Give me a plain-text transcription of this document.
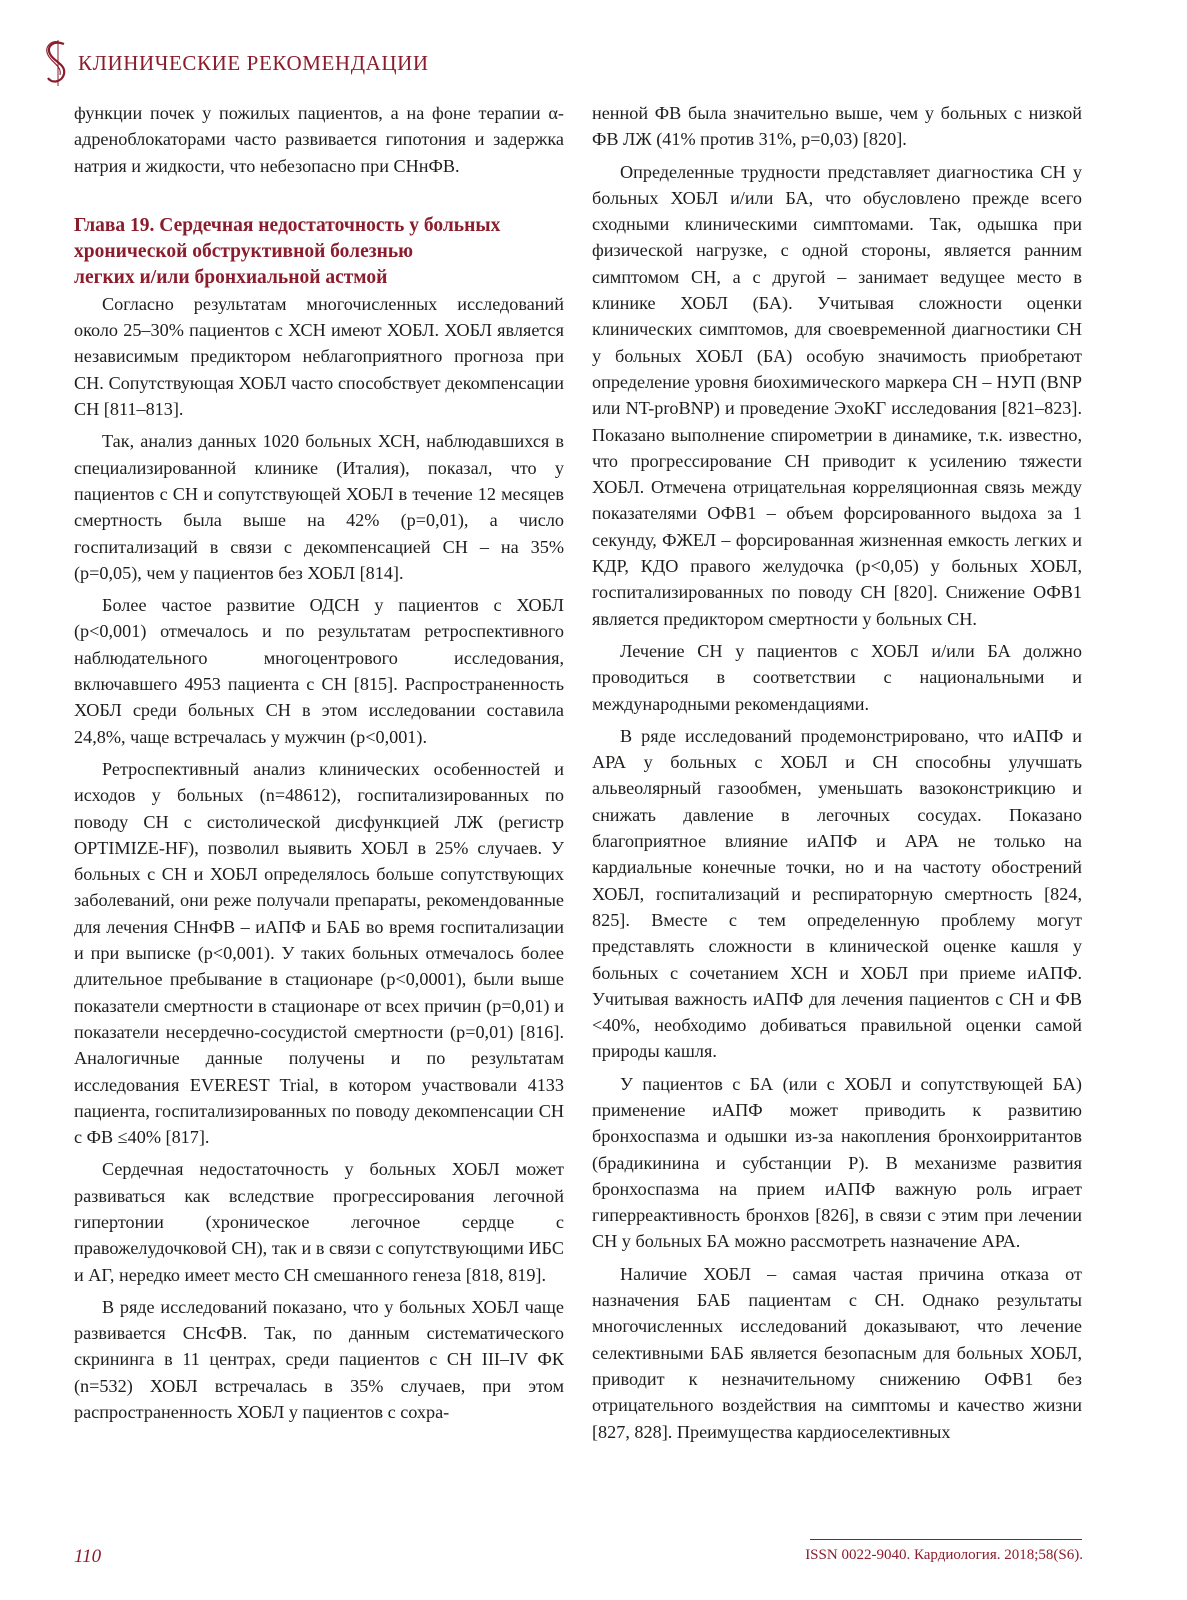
КЛИНИЧЕСКИЕ РЕКОМЕНДАЦИИ

функции почек у пожилых пациентов, а на фоне терапии α-адреноблокаторами часто развивается гипотония и задержка натрия и жидкости, что небезопасно при СНнФВ.

Глава 19. Сердечная недостаточность у больных
хронической обструктивной болезнью
легких и/или бронхиальной астмой

Согласно результатам многочисленных исследований около 25–30% пациентов с ХСН имеют ХОБЛ. ХОБЛ является независимым предиктором неблагоприятного прогноза при СН. Сопутствующая ХОБЛ часто способствует декомпенсации СН [811–813].

Так, анализ данных 1020 больных ХСН, наблюдавшихся в специализированной клинике (Италия), показал, что у пациентов с СН и сопутствующей ХОБЛ в течение 12 месяцев смертность была выше на 42% (p=0,01), а число госпитализаций в связи с декомпенсацией СН – на 35% (p=0,05), чем у пациентов без ХОБЛ [814].

Более частое развитие ОДСН у пациентов с ХОБЛ (p<0,001) отмечалось и по результатам ретроспективного наблюдательного многоцентрового исследования, включавшего 4953 пациента с СН [815]. Распространенность ХОБЛ среди больных СН в этом исследовании составила 24,8%, чаще встречалась у мужчин (p<0,001).

Ретроспективный анализ клинических особенностей и исходов у больных (n=48612), госпитализированных по поводу СН с систолической дисфункцией ЛЖ (регистр OPTIMIZE-HF), позволил выявить ХОБЛ в 25% случаев. У больных с СН и ХОБЛ определялось больше сопутствующих заболеваний, они реже получали препараты, рекомендованные для лечения СНнФВ – иАПФ и БАБ во время госпитализации и при выписке (p<0,001). У таких больных отмечалось более длительное пребывание в стационаре (p<0,0001), были выше показатели смертности в стационаре от всех причин (p=0,01) и показатели несердечно-сосудистой смертности (p=0,01) [816]. Аналогичные данные получены и по результатам исследования EVEREST Trial, в котором участвовали 4133 пациента, госпитализированных по поводу декомпенсации СН с ФВ ≤40% [817].

Сердечная недостаточность у больных ХОБЛ может развиваться как вследствие прогрессирования легочной гипертонии (хроническое легочное сердце с правожелудочковой СН), так и в связи с сопутствующими ИБС и АГ, нередко имеет место СН смешанного генеза [818, 819].

В ряде исследований показано, что у больных ХОБЛ чаще развивается СНсФВ. Так, по данным систематического скрининга в 11 центрах, среди пациентов с СН III–IV ФК (n=532) ХОБЛ встречалась в 35% случаев, при этом распространенность ХОБЛ у пациентов с сохра-

ненной ФВ была значительно выше, чем у больных с низкой ФВ ЛЖ (41% против 31%, p=0,03) [820].

Определенные трудности представляет диагностика СН у больных ХОБЛ и/или БА, что обусловлено прежде всего сходными клиническими симптомами. Так, одышка при физической нагрузке, с одной стороны, является ранним симптомом СН, а с другой – занимает ведущее место в клинике ХОБЛ (БА). Учитывая сложности оценки клинических симптомов, для своевременной диагностики СН у больных ХОБЛ (БА) особую значимость приобретают определение уровня биохимического маркера СН – НУП (BNP или NT-proBNP) и проведение ЭхоКГ исследования [821–823]. Показано выполнение спирометрии в динамике, т.к. известно, что прогрессирование СН приводит к усилению тяжести ХОБЛ. Отмечена отрицательная корреляционная связь между показателями ОФВ1 – объем форсированного выдоха за 1 секунду, ФЖЕЛ – форсированная жизненная емкость легких и КДР, КДО правого желудочка (p<0,05) у больных ХОБЛ, госпитализированных по поводу СН [820]. Снижение ОФВ1 является предиктором смертности у больных СН.

Лечение СН у пациентов с ХОБЛ и/или БА должно проводиться в соответствии с национальными и международными рекомендациями.

В ряде исследований продемонстрировано, что иАПФ и АРА у больных с ХОБЛ и СН способны улучшать альвеолярный газообмен, уменьшать вазоконстрикцию и снижать давление в легочных сосудах. Показано благоприятное влияние иАПФ и АРА не только на кардиальные конечные точки, но и на частоту обострений ХОБЛ, госпитализаций и респираторную смертность [824, 825]. Вместе с тем определенную проблему могут представлять сложности в клинической оценке кашля у больных с сочетанием ХСН и ХОБЛ при приеме иАПФ. Учитывая важность иАПФ для лечения пациентов с СН и ФВ <40%, необходимо добиваться правильной оценки самой природы кашля.

У пациентов с БА (или с ХОБЛ и сопутствующей БА) применение иАПФ может приводить к развитию бронхоспазма и одышки из-за накопления бронхоирритантов (брадикинина и субстанции Р). В механизме развития бронхоспазма на прием иАПФ важную роль играет гиперреактивность бронхов [826], в связи с этим при лечении СН у больных БА можно рассмотреть назначение АРА.

Наличие ХОБЛ – самая частая причина отказа от назначения БАБ пациентам с СН. Однако результаты многочисленных исследований доказывают, что лечение селективными БАБ является безопасным для больных ХОБЛ, приводит к незначительному снижению ОФВ1 без отрицательного воздействия на симптомы и качество жизни [827, 828]. Преимущества кардиоселективных

110	ISSN 0022-9040. Кардиология. 2018;58(S6).
